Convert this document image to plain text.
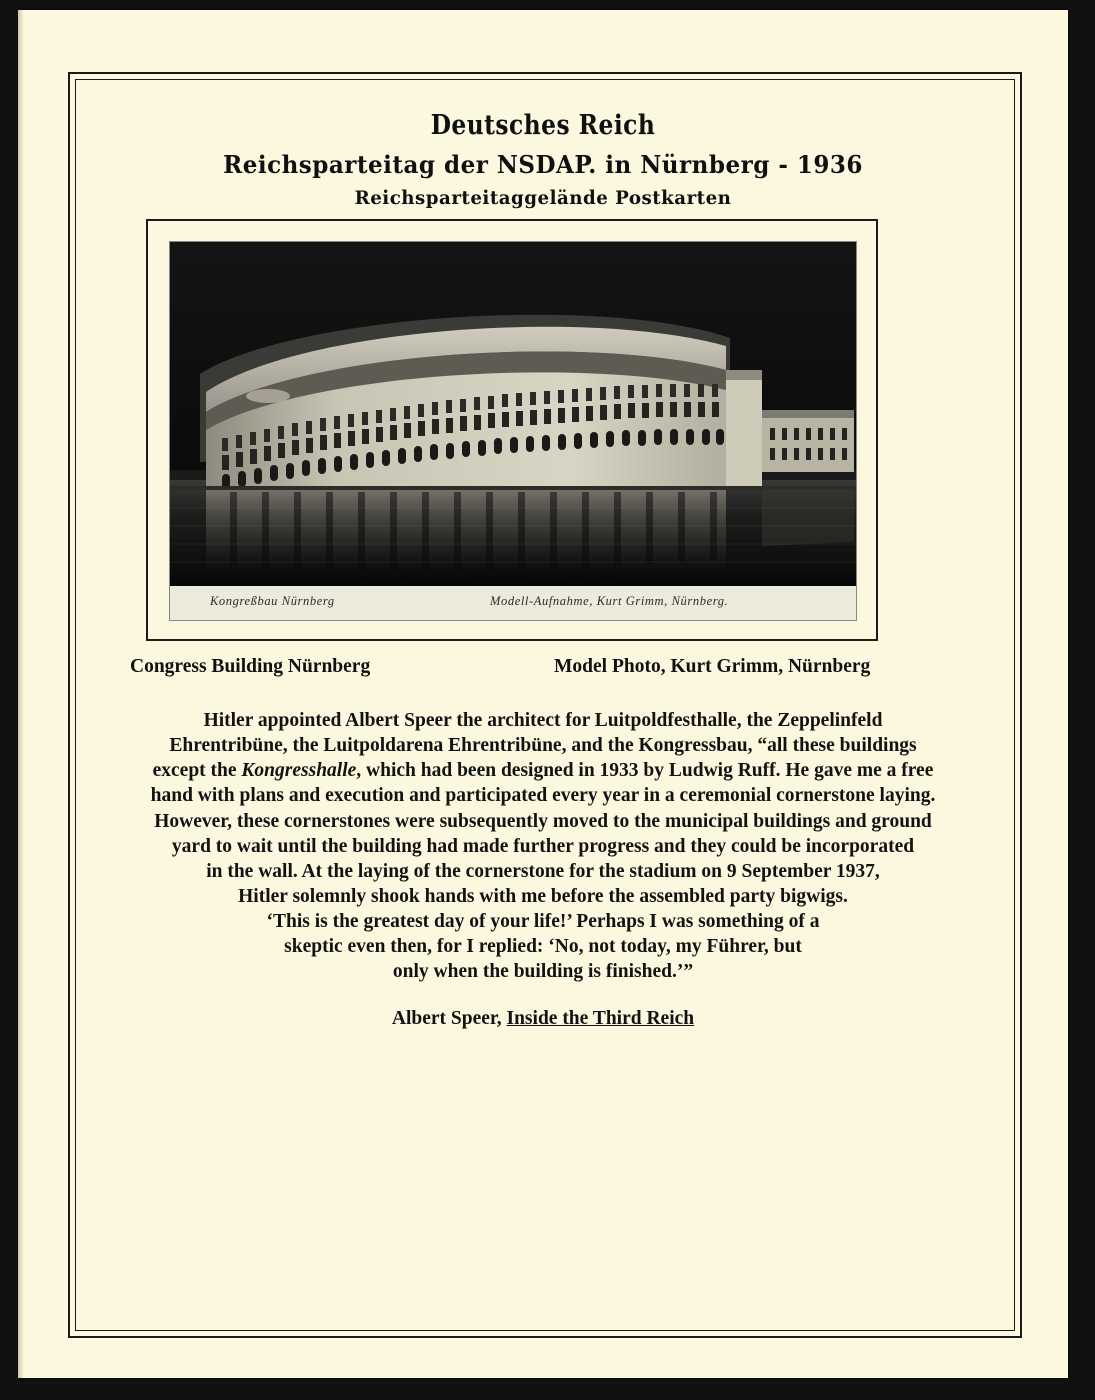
Deutsches Reich
Reichsparteitag der NSDAP. in Nürnberg - 1936
Reichsparteitaggelände Postkarten
Kongreßbau Nürnberg	Modell-Aufnahme, Kurt Grimm, Nürnberg.
Congress Building Nürnberg	Model Photo, Kurt Grimm, Nürnberg

Hitler appointed Albert Speer the architect for Luitpoldfesthalle, the Zeppelinfeld

Ehrentribüne, the Luitpoldarena Ehrentribüne, and the Kongressbau, “all these buildings

except the Kongresshalle, which had been designed in 1933 by Ludwig Ruff. He gave me a free

hand with plans and execution and participated every year in a ceremonial cornerstone laying.

However, these cornerstones were subsequently moved to the municipal buildings and ground

yard to wait until the building had made further progress and they could be incorporated

in the wall. At the laying of the cornerstone for the stadium on 9 September 1937,

Hitler solemnly shook hands with me before the assembled party bigwigs.

‘This is the greatest day of your life!’ Perhaps I was something of a

skeptic even then, for I replied: ‘No, not today, my Führer, but

only when the building is finished.’”

Albert Speer, Inside the Third Reich
